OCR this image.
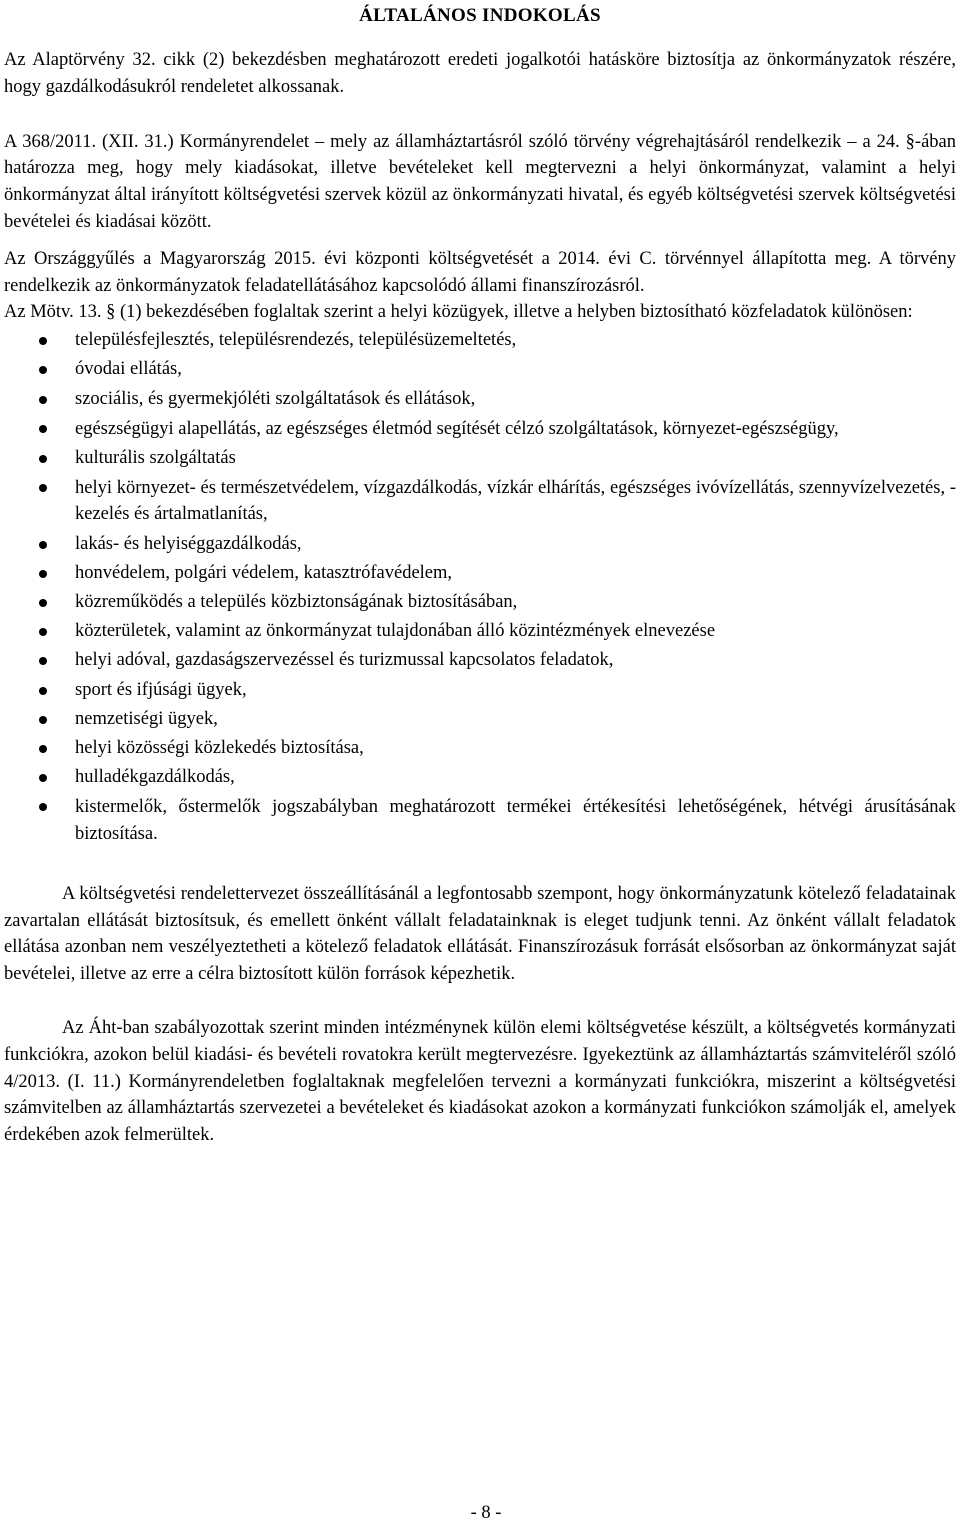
ÁLTALÁNOS INDOKOLÁS

Az Alaptörvény 32. cikk (2) bekezdésben meghatározott eredeti jogalkotói hatásköre biztosítja az önkormányzatok részére, hogy gazdálkodásukról rendeletet alkossanak.

A 368/2011. (XII. 31.) Kormányrendelet – mely az államháztartásról szóló törvény végrehajtásáról rendelkezik – a 24. §-ában határozza meg, hogy mely kiadásokat, illetve bevételeket kell megtervezni a helyi önkormányzat, valamint a helyi önkormányzat által irányított költségvetési szervek közül az önkormányzati hivatal, és egyéb költségvetési szervek költségvetési bevételei és kiadásai között.

Az Országgyűlés a Magyarország 2015. évi központi költségvetését a 2014. évi C. törvénnyel állapította meg. A törvény rendelkezik az önkormányzatok feladatellátásához kapcsolódó állami finanszírozásról.

Az Mötv. 13. § (1) bekezdésében foglaltak szerint a helyi közügyek, illetve a helyben biztosítható közfeladatok különösen:

településfejlesztés, településrendezés, településüzemeltetés,
óvodai ellátás,
szociális, és gyermekjóléti szolgáltatások és ellátások,
egészségügyi alapellátás, az egészséges életmód segítését célzó szolgáltatások, környezet-egészségügy,
kulturális szolgáltatás
helyi környezet- és természetvédelem, vízgazdálkodás, vízkár elhárítás, egészséges ivóvízellátás, szennyvízelvezetés, -kezelés és ártalmatlanítás,
lakás- és helyiséggazdálkodás,
honvédelem, polgári védelem, katasztrófavédelem,
közreműködés a település közbiztonságának biztosításában,
közterületek, valamint az önkormányzat tulajdonában álló közintézmények elnevezése
helyi adóval, gazdaságszervezéssel és turizmussal kapcsolatos feladatok,
sport és ifjúsági ügyek,
nemzetiségi ügyek,
helyi közösségi közlekedés biztosítása,
hulladékgazdálkodás,
kistermelők, őstermelők jogszabályban meghatározott termékei értékesítési lehetőségének, hétvégi árusításának biztosítása.

A költségvetési rendelettervezet összeállításánál a legfontosabb szempont, hogy önkormányzatunk kötelező feladatainak zavartalan ellátását biztosítsuk, és emellett önként vállalt feladatainknak is eleget tudjunk tenni. Az önként vállalt feladatok ellátása azonban nem veszélyeztetheti a kötelező feladatok ellátását. Finanszírozásuk forrását elsősorban az önkormányzat saját bevételei, illetve az erre a célra biztosított külön források képezhetik.

Az Áht-ban szabályozottak szerint minden intézménynek külön elemi költségvetése készült, a költségvetés kormányzati funkciókra, azokon belül kiadási- és bevételi rovatokra került megtervezésre. Igyekeztünk az államháztartás számviteléről szóló 4/2013. (I. 11.) Kormányrendeletben foglaltaknak megfelelően tervezni a kormányzati funkciókra, miszerint a költségvetési számvitelben az államháztartás szervezetei a bevételeket és kiadásokat azokon a kormányzati funkciókon számolják el, amelyek érdekében azok felmerültek.

- 8 -
